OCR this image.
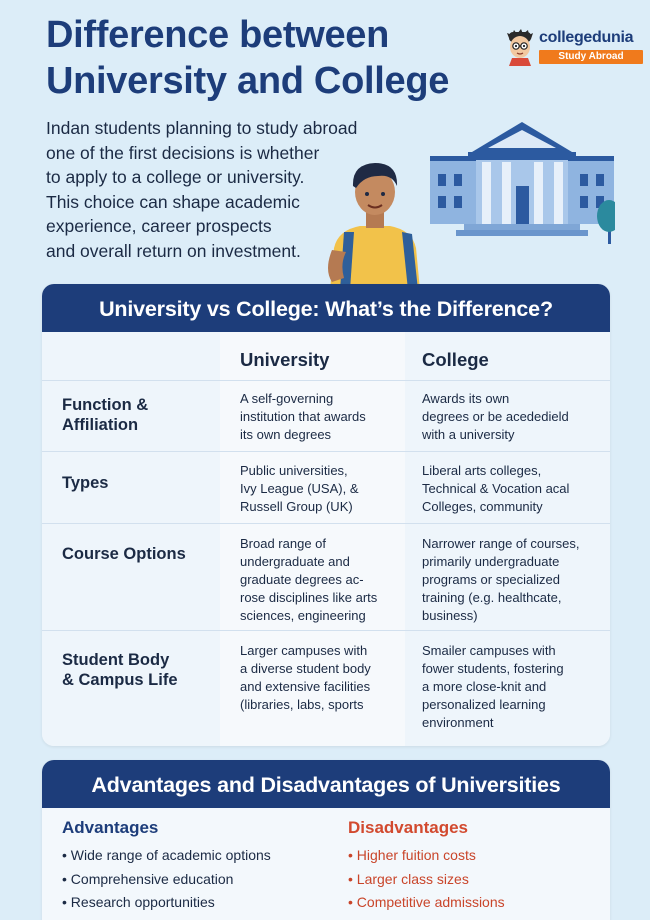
Difference between
University and College
collegedunia
Study Abroad
Indan students planning to study abroad
one of the first decisions is whether
to apply to a college or university.
This choice can shape academic
experience, career prospects
and overall return on investment.
University vs College: What’s the Difference?
University	College
Function &
Affiliation
A self-governing
institution that awards
its own degrees
Awards its own
degrees or be acededield
with a university
Types
Public universities,
Ivy League (USA), &
Russell Group (UK)
Liberal arts colleges,
Technical & Vocation acal
Colleges, community
Course Options
Broad range of
undergraduate and
graduate degrees ac-
rose disciplines like arts
sciences, engineering
Narrower range of courses,
primarily undergraduate
programs or specialized
training (e.g. healthcate,
business)
Student Body
& Campus Life
Larger campuses with
a diverse student body
and extensive facilities
(libraries, labs, sports
Smailer campuses with
fower students, fostering
a more close-knit and
personalized learning
environment
Advantages and Disadvantages of Universities
Advantages	Disadvantages
• Wide range of academic options
• Comprehensive education
• Research opportunities
• Higher fuition costs
• Larger class sizes
• Competitive admissions
